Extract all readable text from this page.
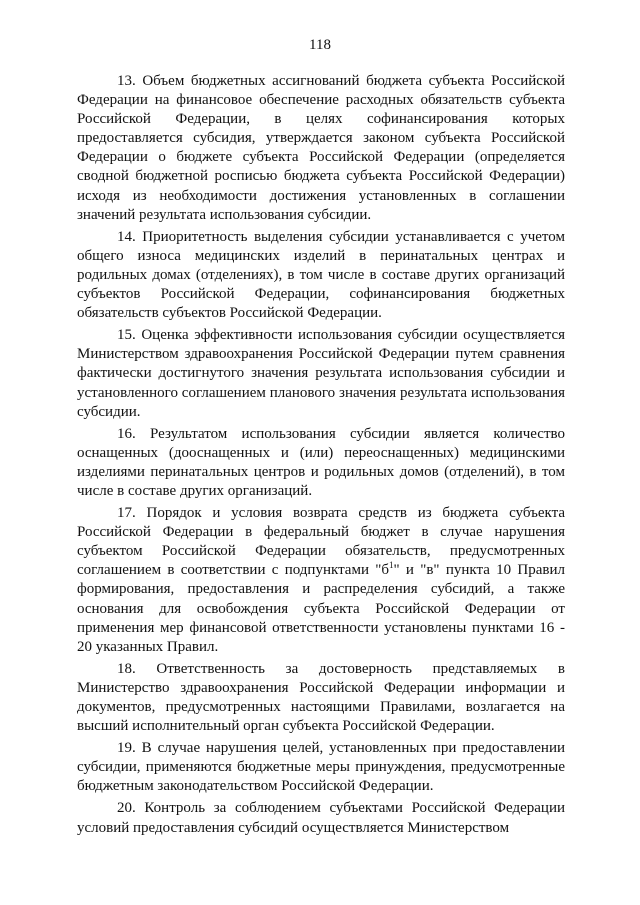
118

13. Объем бюджетных ассигнований бюджета субъекта Российской Федерации на финансовое обеспечение расходных обязательств субъекта Российской Федерации, в целях софинансирования которых предоставляется субсидия, утверждается законом субъекта Российской Федерации о бюджете субъекта Российской Федерации (определяется сводной бюджетной росписью бюджета субъекта Российской Федерации) исходя из необходимости достижения установленных в соглашении значений результата использования субсидии.

14. Приоритетность выделения субсидии устанавливается с учетом общего износа медицинских изделий в перинатальных центрах и родильных домах (отделениях), в том числе в составе других организаций субъектов Российской Федерации, софинансирования бюджетных обязательств субъектов Российской Федерации.

15. Оценка эффективности использования субсидии осуществляется Министерством здравоохранения Российской Федерации путем сравнения фактически достигнутого значения результата использования субсидии и установленного соглашением планового значения результата использования субсидии.

16. Результатом использования субсидии является количество оснащенных (дооснащенных и (или) переоснащенных) медицинскими изделиями перинатальных центров и родильных домов (отделений), в том числе в составе других организаций.

17. Порядок и условия возврата средств из бюджета субъекта Российской Федерации в федеральный бюджет в случае нарушения субъектом Российской Федерации обязательств, предусмотренных соглашением в соответствии с подпунктами "$б^1$" и "в" пункта 10 Правил формирования, предоставления и распределения субсидий, а также основания для освобождения субъекта Российской Федерации от применения мер финансовой ответственности установлены пунктами 16 - 20 указанных Правил.

18. Ответственность за достоверность представляемых в Министерство здравоохранения Российской Федерации информации и документов, предусмотренных настоящими Правилами, возлагается на высший исполнительный орган субъекта Российской Федерации.

19. В случае нарушения целей, установленных при предоставлении субсидии, применяются бюджетные меры принуждения, предусмотренные бюджетным законодательством Российской Федерации.

20. Контроль за соблюдением субъектами Российской Федерации условий предоставления субсидий осуществляется Министерством
